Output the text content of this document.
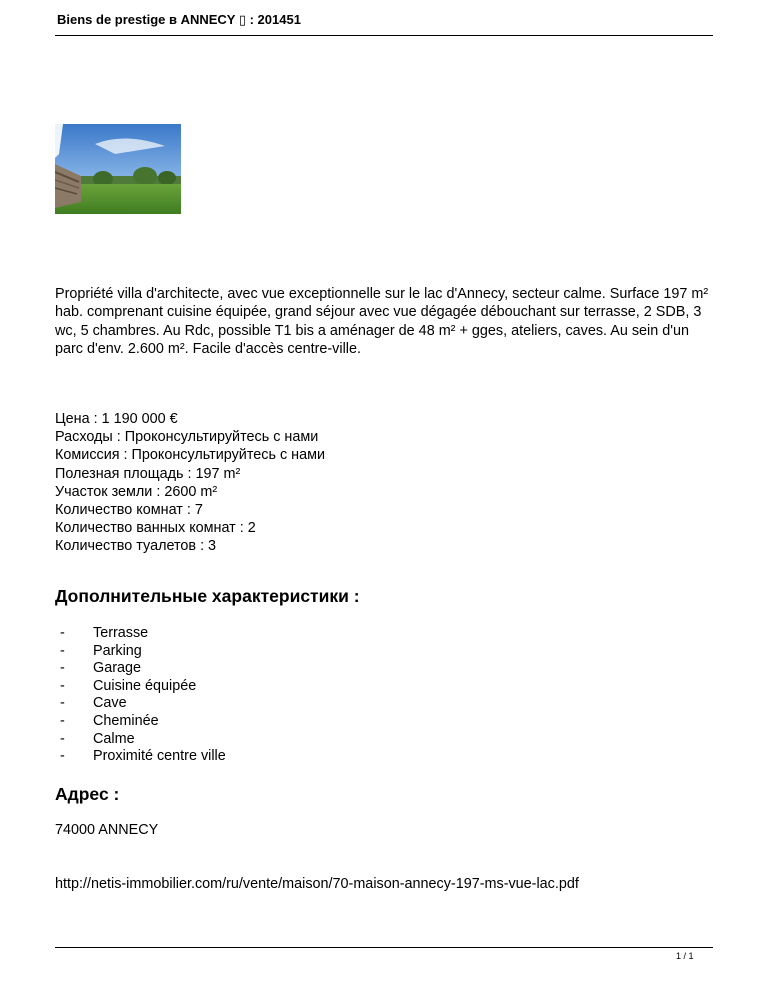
Biens de prestige в ANNECY ▯ : 201451
Propriété villa d'architecte, avec vue exceptionnelle sur le lac d'Annecy, secteur calme. Surface 197 m² hab. comprenant cuisine équipée, grand séjour avec vue dégagée débouchant sur terrasse, 2 SDB, 3 wc, 5 chambres. Au Rdc, possible T1 bis a aménager de 48 m² + gges, ateliers, caves. Au sein d'un parc d'env. 2.600 m². Facile d'accès centre-ville.
Цена : 1 190 000 €
Расходы : Проконсультируйтесь с нами
Комиссия : Проконсультируйтесь с нами
Полезная площадь : 197 m²
Участок земли : 2600 m²
Количество комнат : 7
Количество ванных комнат : 2
Количество туалетов : 3
Дополнительные характеристики :
- Terrasse
- Parking
- Garage
- Cuisine équipée
- Cave
- Cheminée
- Calme
- Proximité centre ville
Адрес :
74000 ANNECY
http://netis-immobilier.com/ru/vente/maison/70-maison-annecy-197-ms-vue-lac.pdf
1 / 1
